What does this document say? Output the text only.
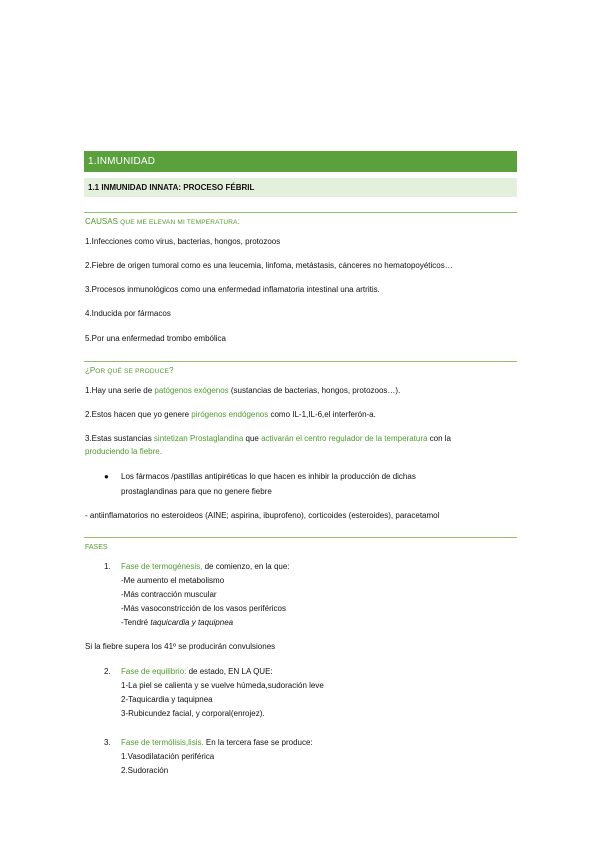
1.INMUNIDAD
1.1 INMUNIDAD INNATA: PROCESO FÉBRIL
CAUSAS QUE ME ELEVAN MI TEMPERATURA:
1.Infecciones como virus, bacterias, hongos, protozoos
2.Fiebre de origen tumoral como es una leucemia, linfoma, metástasis, cánceres no hematopoyéticos…
3.Procesos inmunológicos como una enfermedad inflamatoria intestinal una artritis.
4.Inducida por fármacos
5.Por una enfermedad trombo embólica
¿POR QUÉ SE PRODUCE?
1.Hay una serie de patógenos exógenos (sustancias de bacterias, hongos, protozoos…).
2.Estos hacen que yo genere pirógenos endógenos como IL-1,IL-6,el interferón-a.
3.Estas sustancias sintetizan Prostaglandina que activarán el centro regulador de la temperatura con la
produciendo la fiebre.
● Los fármacos /pastillas antipiréticas lo que hacen es inhibir la producción de dichas
prostaglandinas para que no genere fiebre
- antiinflamatorios no esteroideos (AINE; aspirina, ibuprofeno), corticoides (esteroides), paracetamol
FASES
1. Fase de termogénesis, de comienzo, en la que:
-Me aumento el metabolismo
-Más contracción muscular
-Más vasoconstricción de los vasos periféricos
-Tendré taquicardia y taquipnea
Si la fiebre supera los 41º se producirán convulsiones
2. Fase de equilibrio: de estado, EN LA QUE:
1-La piel se calienta y se vuelve húmeda,sudoración leve
2-Taquicardia y taquipnea
3-Rubicundez facial, y corporal(enrojez).
3. Fase de termólisis,lisis. En la tercera fase se produce:
1.Vasodilatación periférica
2.Sudoración
